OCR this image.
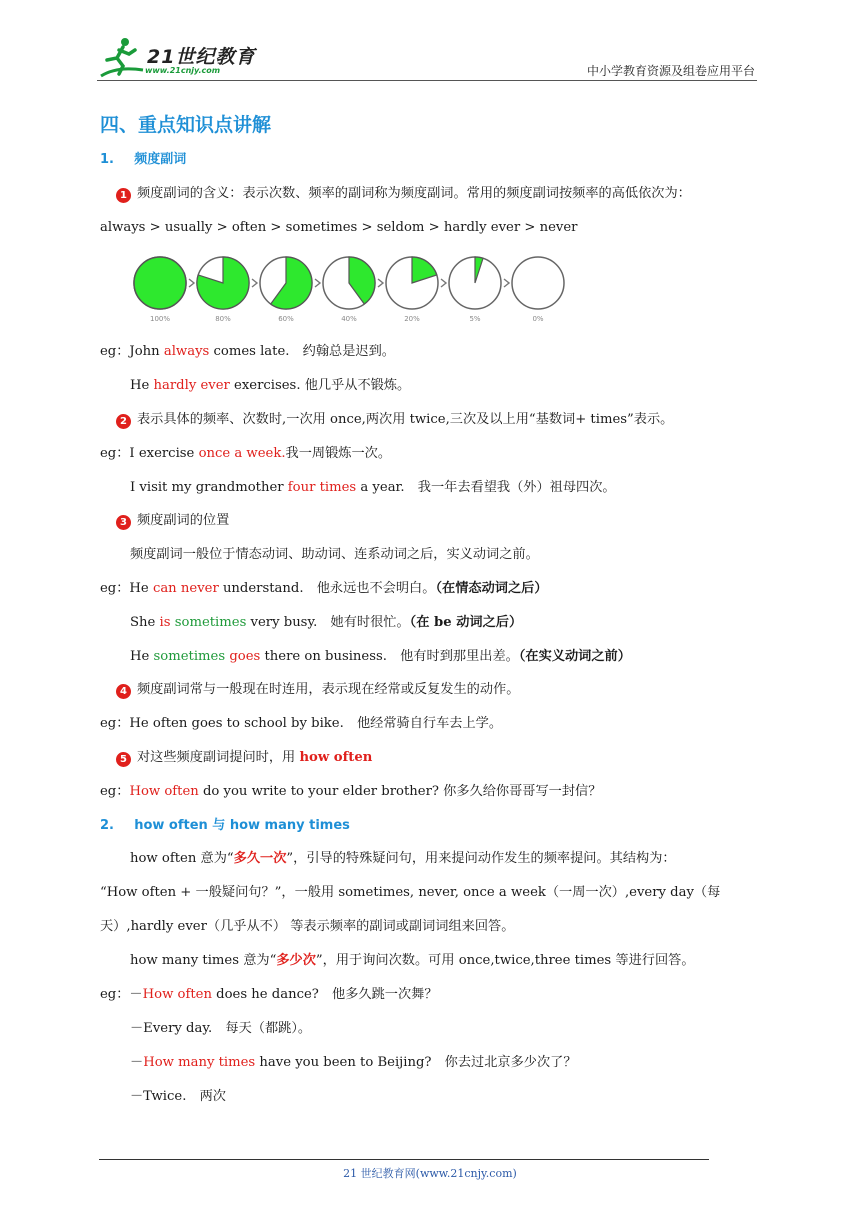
21世纪教育
www.21cnjy.com	中小学教育资源及组卷应用平台
四、重点知识点讲解
1. 频度副词
1 频度副词的含义：表示次数、频率的副词称为频度副词。常用的频度副词按频率的高低依次为：
always > usually > often > sometimes > seldom > hardly ever > never
100%	80%	60%	40%	20%	5%	0%
eg：John always comes late.　约翰总是迟到。
He hardly ever exercises. 他几乎从不锻炼。
2 表示具体的频率、次数时,一次用 once,两次用 twice,三次及以上用“基数词+ times”表示。
eg：I exercise once a week.我一周锻炼一次。
I visit my grandmother four times a year.　我一年去看望我（外）祖母四次。
3 频度副词的位置
频度副词一般位于情态动词、助动词、连系动词之后，实义动词之前。
eg：He can never understand.　他永远也不会明白。（在情态动词之后）
She is sometimes very busy.　她有时很忙。（在 be 动词之后）
He sometimes goes there on business.　他有时到那里出差。（在实义动词之前）
4 频度副词常与一般现在时连用，表示现在经常或反复发生的动作。
eg：He often goes to school by bike.　他经常骑自行车去上学。
5 对这些频度副词提问时，用 how often
eg：How often do you write to your elder brother? 你多久给你哥哥写一封信？
2. how often 与 how many times
how often 意为“多久一次”，引导的特殊疑问句，用来提问动作发生的频率提问。其结构为：
“How often + 一般疑问句？”，一般用 sometimes, never, once a week（一周一次）,every day（每
天）,hardly ever（几乎从不） 等表示频率的副词或副词词组来回答。
how many times 意为“多少次”，用于询问次数。可用 once,twice,three times 等进行回答。
eg：－How often does he dance?　他多久跳一次舞？
－Every day.　每天（都跳）。
－How many times have you been to Beijing?　你去过北京多少次了？
－Twice.　两次
21 世纪教育网(www.21cnjy.com)
